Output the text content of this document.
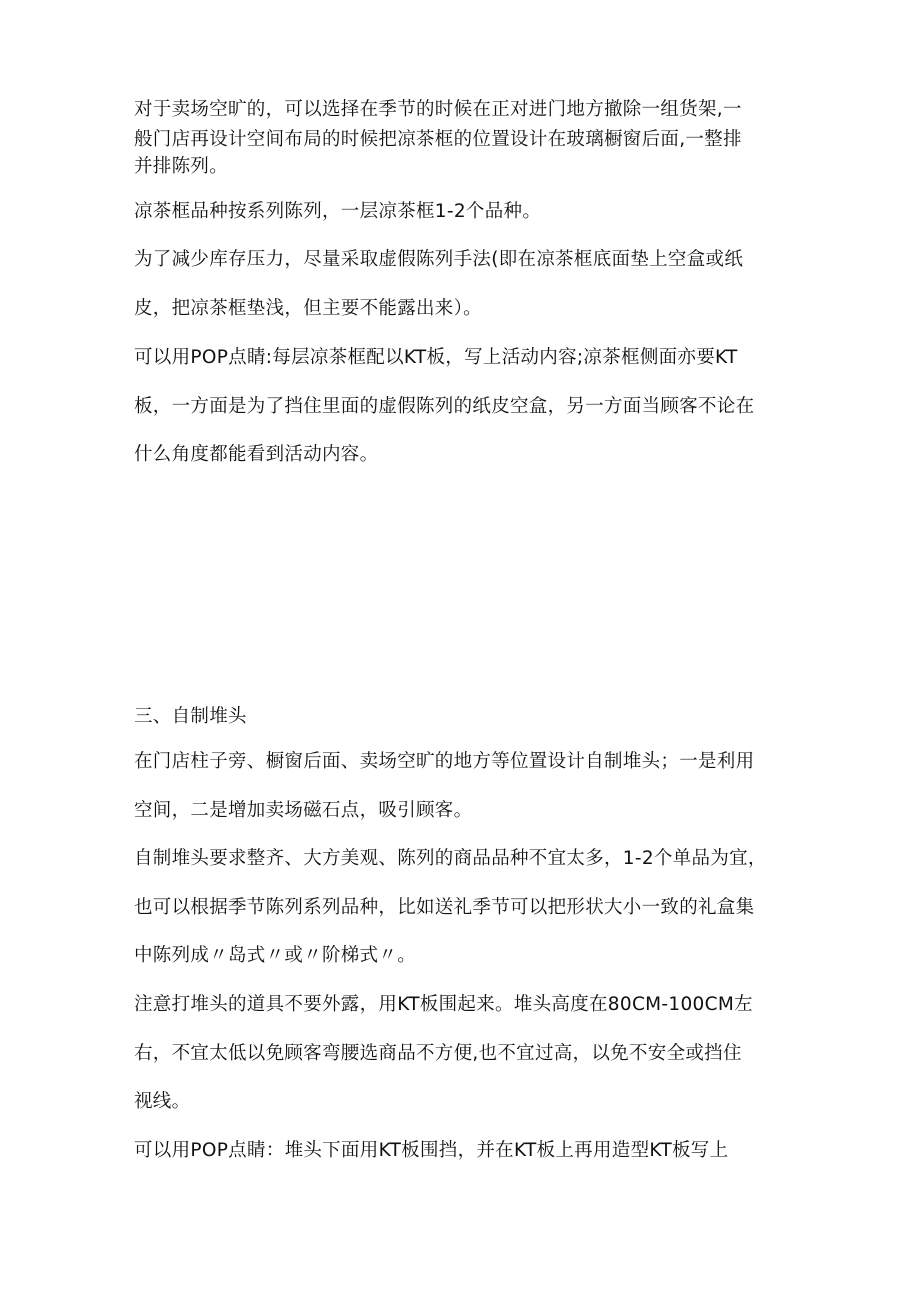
对于卖场空旷的，可以选择在季节的时候在正对进门地方撤除一组货架,一
般门店再设计空间布局的时候把凉茶框的位置设计在玻璃橱窗后面,一整排
并排陈列。
凉茶框品种按系列陈列，一层凉茶框1-2个品种。
为了减少库存压力，尽量采取虚假陈列手法(即在凉茶框底面垫上空盒或纸
皮，把凉茶框垫浅，但主要不能露出来）。
可以用POP点睛:每层凉茶框配以KT板，写上活动内容;凉茶框侧面亦要KT
板，一方面是为了挡住里面的虚假陈列的纸皮空盒，另一方面当顾客不论在
什么角度都能看到活动内容。
三、自制堆头
在门店柱子旁、橱窗后面、卖场空旷的地方等位置设计自制堆头；一是利用
空间，二是增加卖场磁石点，吸引顾客。
自制堆头要求整齐、大方美观、陈列的商品品种不宜太多，1-2个单品为宜，
也可以根据季节陈列系列品种，比如送礼季节可以把形状大小一致的礼盒集
中陈列成〃岛式〃或〃阶梯式〃。
注意打堆头的道具不要外露，用KT板围起来。堆头高度在80CM-100CM左
右，不宜太低以免顾客弯腰选商品不方便,也不宜过高，以免不安全或挡住
视线。
可以用POP点睛：堆头下面用KT板围挡，并在KT板上再用造型KT板写上
